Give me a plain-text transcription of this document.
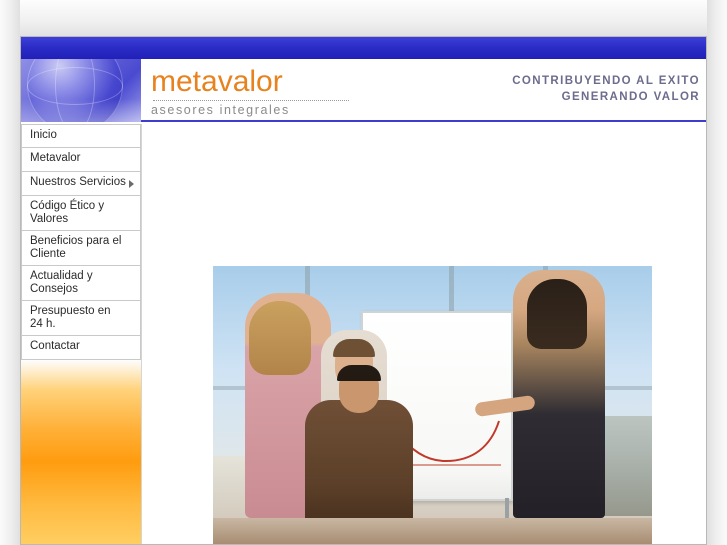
metavalor
asesores integrales
CONTRIBUYENDO AL EXITO
GENERANDO VALOR
Inicio
Metavalor
Nuestros Servicios
Código Ético y Valores
Beneficios para el Cliente
Actualidad y Consejos
Presupuesto en 24 h.
Contactar
